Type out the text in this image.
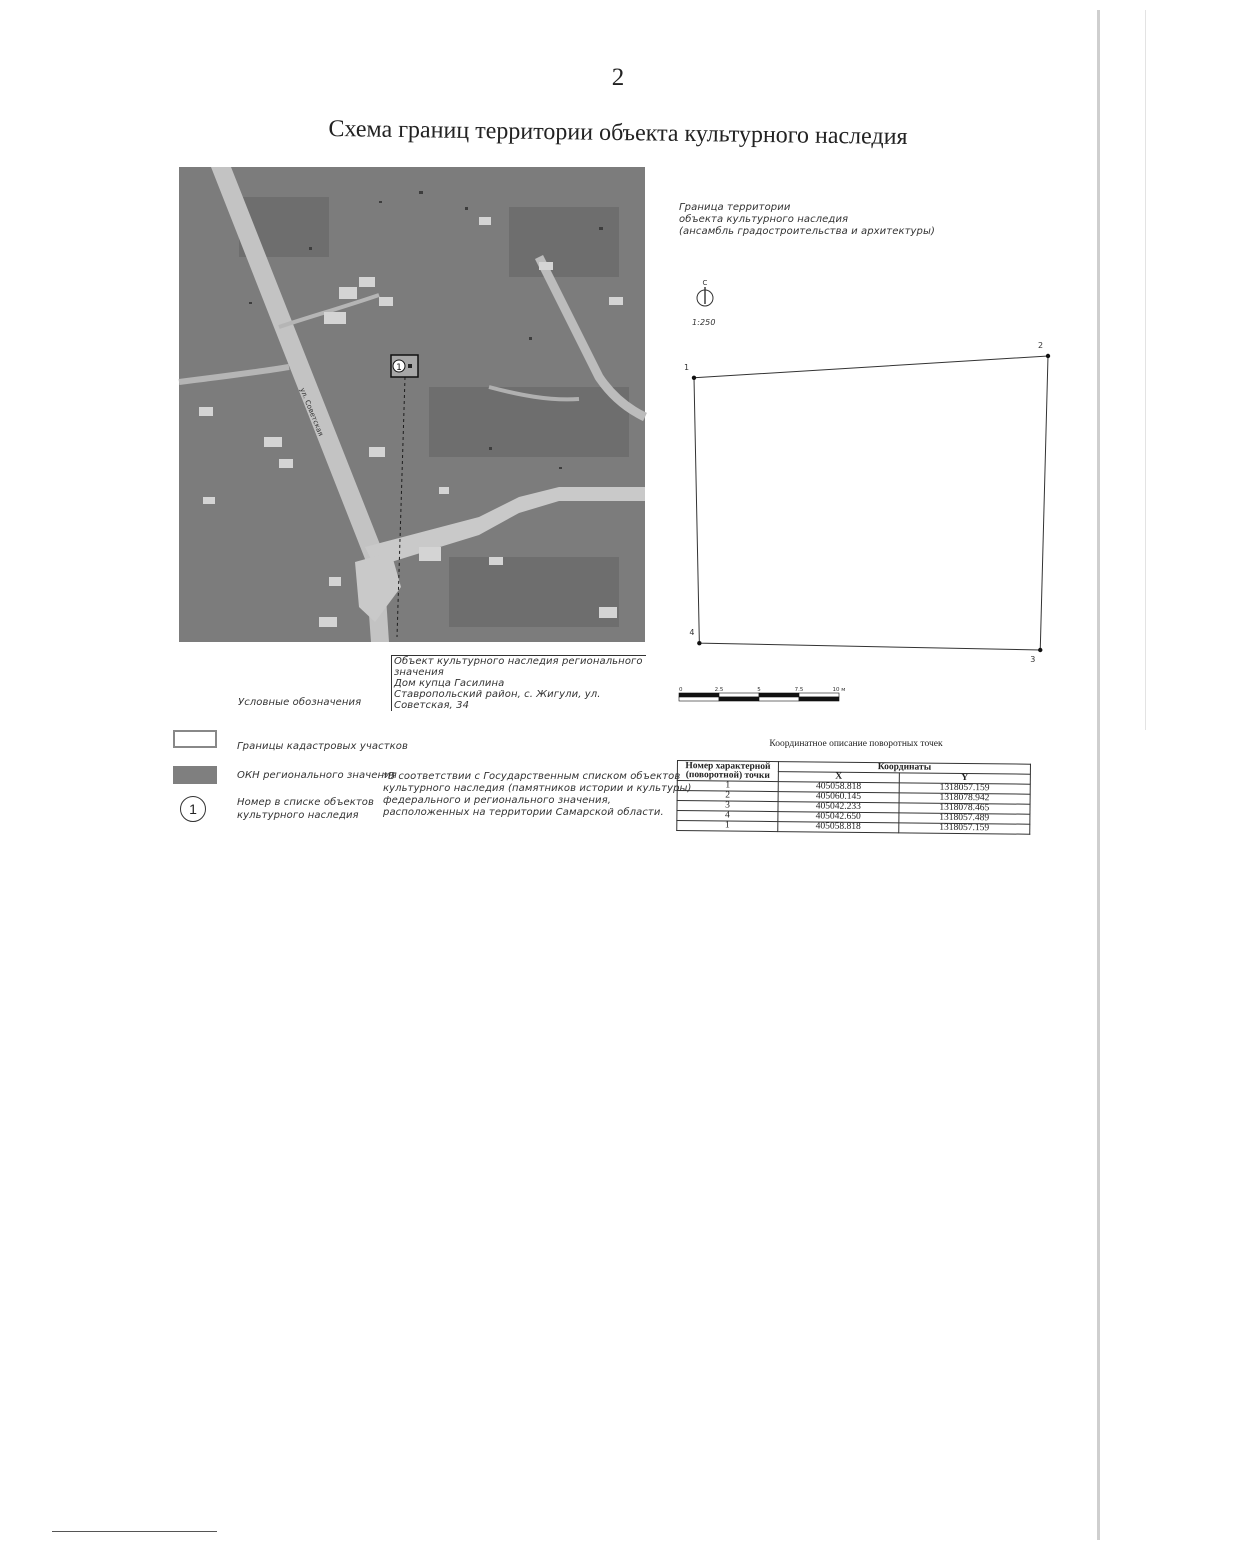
2
Схема границ территории объекта культурного наследия
1
ул. Советская
Объект культурного наследия регионального значения
Дом купца Гасилина
Ставропольский район, с. Жигули, ул. Советская, 34
Граница территории
объекта культурного наследия
(ансамбль градостроительства и архитектуры)
С
1:250
1
2
3
4
0	2.5	5	7.5	10 м
Условные обозначения
Границы кадастровых участков
ОКН регионального значения
1	Номер в списке объектов
культурного наследия
*В соответствии с Государственным списком объектов
культурного наследия (памятников истории и культуры)
федерального и регионального значения,
расположенных на территории Самарской области.
Координатное описание поворотных точек
Номер характерной
(поворотной) точки	Координаты	
	X	Y
1	405058.818	1318057.159
2	405060.145	1318078.942
3	405042.233	1318078.465
4	405042.650	1318057.489
1	405058.818	1318057.159
